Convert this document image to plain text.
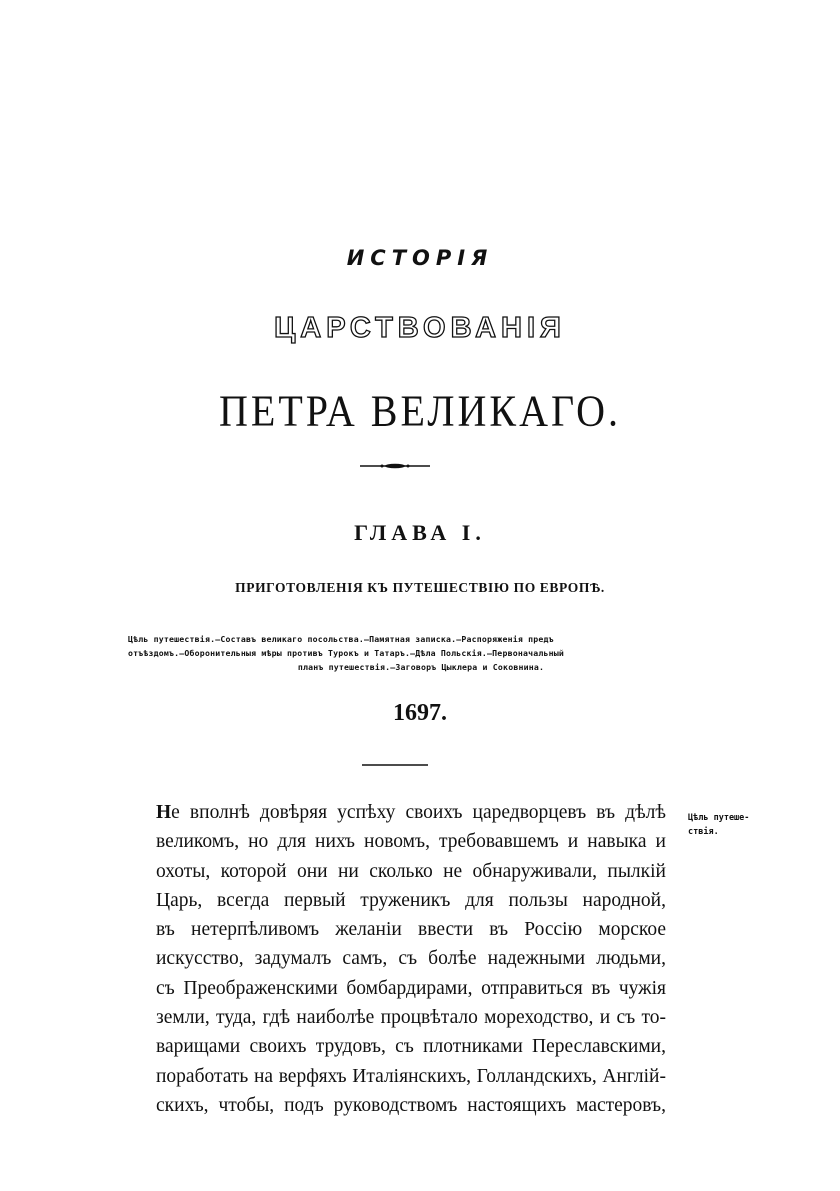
ИСТОРІЯ
ЦАРСТВОВАНІЯ
ПЕТРА ВЕЛИКАГО.
ГЛАВА I.
ПРИГОТОВЛЕНІЯ КЪ ПУТЕШЕСТВІЮ ПО ЕВРОПѢ.
Цѣль путешествія.—Составъ великаго посольства.—Памятная записка.—Распоряженія предъ
отъѣздомъ.—Оборонительныя мѣры противъ Турокъ и Татаръ.—Дѣла Польскія.—Первоначальный
планъ путешествія.—Заговоръ Цыклера и Соковнина.
1697.
Не вполнѣ довѣряя успѣху своихъ царедворцевъ въ дѣлѣ
великомъ, но для нихъ новомъ, требовавшемъ и навыка и
охоты, которой они ни сколько не обнаруживали, пылкій
Царь, всегда первый труженикъ для пользы народной,
въ нетерпѣливомъ желаніи ввести въ Россію морское
искусство, задумалъ самъ, съ болѣе надежными людьми,
съ Преображенскими бомбардирами, отправиться въ чужія
земли, туда, гдѣ наиболѣе процвѣтало мореходство, и съ то-
варищами своихъ трудовъ, съ плотниками Переславскими,
поработать на верфяхъ Италіянскихъ, Голландскихъ, Англій-
скихъ, чтобы, подъ руководствомъ настоящихъ мастеровъ,
Цѣль путеше-
ствія.
